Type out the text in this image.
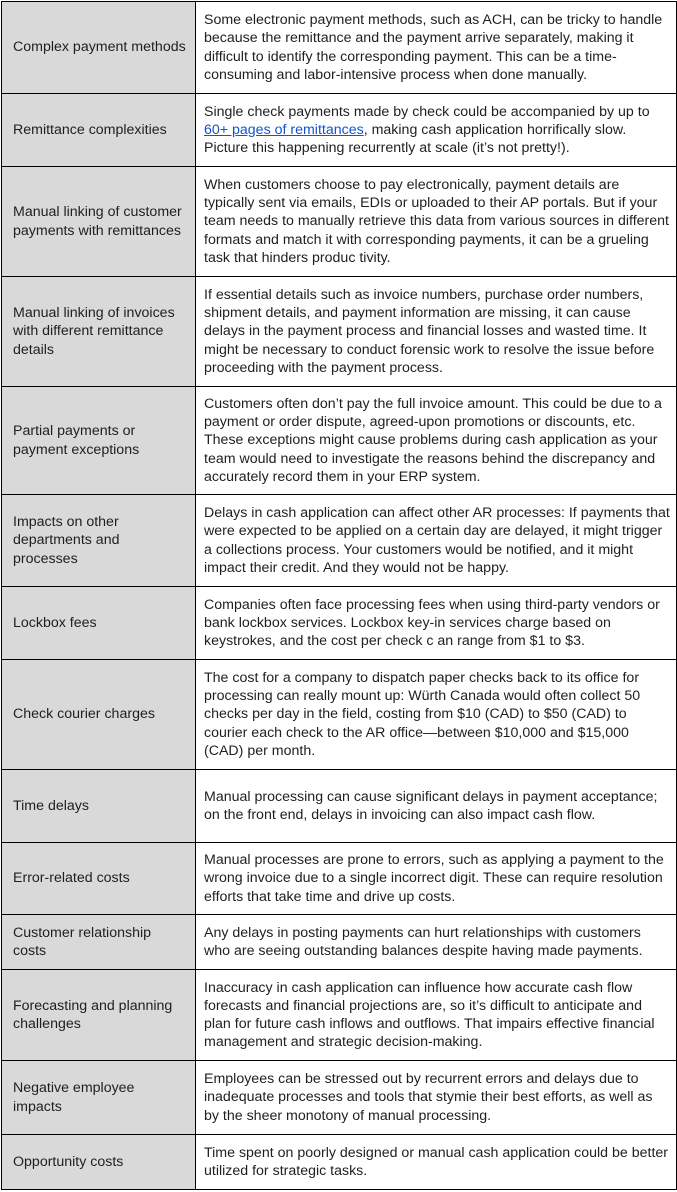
Complex payment methods	Some electronic payment methods, such as ACH, can be tricky to handle because the remittance and the payment arrive separately, making it difficult to identify the corresponding payment. This can be a time-consuming and labor-intensive process when done manually.
Remittance complexities	Single check payments made by check could be accompanied by up to 60+ pages of remittances, making cash application horrifically slow. Picture this happening recurrently at scale (it’s not pretty!).
Manual linking of customer payments with remittances	When customers choose to pay electronically, payment details are typically sent via emails, EDIs or uploaded to their AP portals. But if your team needs to manually retrieve this data from various sources in different formats and match it with corresponding payments, it can be a grueling task that hinders produc tivity.
Manual linking of invoices with different remittance details	If essential details such as invoice numbers, purchase order numbers, shipment details, and payment information are missing, it can cause delays in the payment process and financial losses and wasted time. It might be necessary to conduct forensic work to resolve the issue before proceeding with the payment process.
Partial payments or payment exceptions	Customers often don’t pay the full invoice amount. This could be due to a payment or order dispute, agreed-upon promotions or discounts, etc. These exceptions might cause problems during cash application as your team would need to investigate the reasons behind the discrepancy and accurately record them in your ERP system.
Impacts on other departments and processes	Delays in cash application can affect other AR processes: If payments that were expected to be applied on a certain day are delayed, it might trigger a collections process. Your customers would be notified, and it might impact their credit. And they would not be happy.
Lockbox fees	Companies often face processing fees when using third-party vendors or bank lockbox services. Lockbox key-in services charge based on keystrokes, and the cost per check c an range from $1 to $3.
Check courier charges	The cost for a company to dispatch paper checks back to its office for processing can really mount up: Würth Canada would often collect 50 checks per day in the field, costing from $10 (CAD) to $50 (CAD) to courier each check to the AR office—between $10,000 and $15,000 (CAD) per month.
Time delays	Manual processing can cause significant delays in payment acceptance; on the front end, delays in invoicing can also impact cash flow.
Error-related costs	Manual processes are prone to errors, such as applying a payment to the wrong invoice due to a single incorrect digit. These can require resolution efforts that take time and drive up costs.
Customer relationship costs	Any delays in posting payments can hurt relationships with customers who are seeing outstanding balances despite having made payments.
Forecasting and planning challenges	Inaccuracy in cash application can influence how accurate cash flow forecasts and financial projections are, so it’s difficult to anticipate and plan for future cash inflows and outflows. That impairs effective financial management and strategic decision-making.
Negative employee impacts	Employees can be stressed out by recurrent errors and delays due to inadequate processes and tools that stymie their best efforts, as well as by the sheer monotony of manual processing.
Opportunity costs	Time spent on poorly designed or manual cash application could be better utilized for strategic tasks.
